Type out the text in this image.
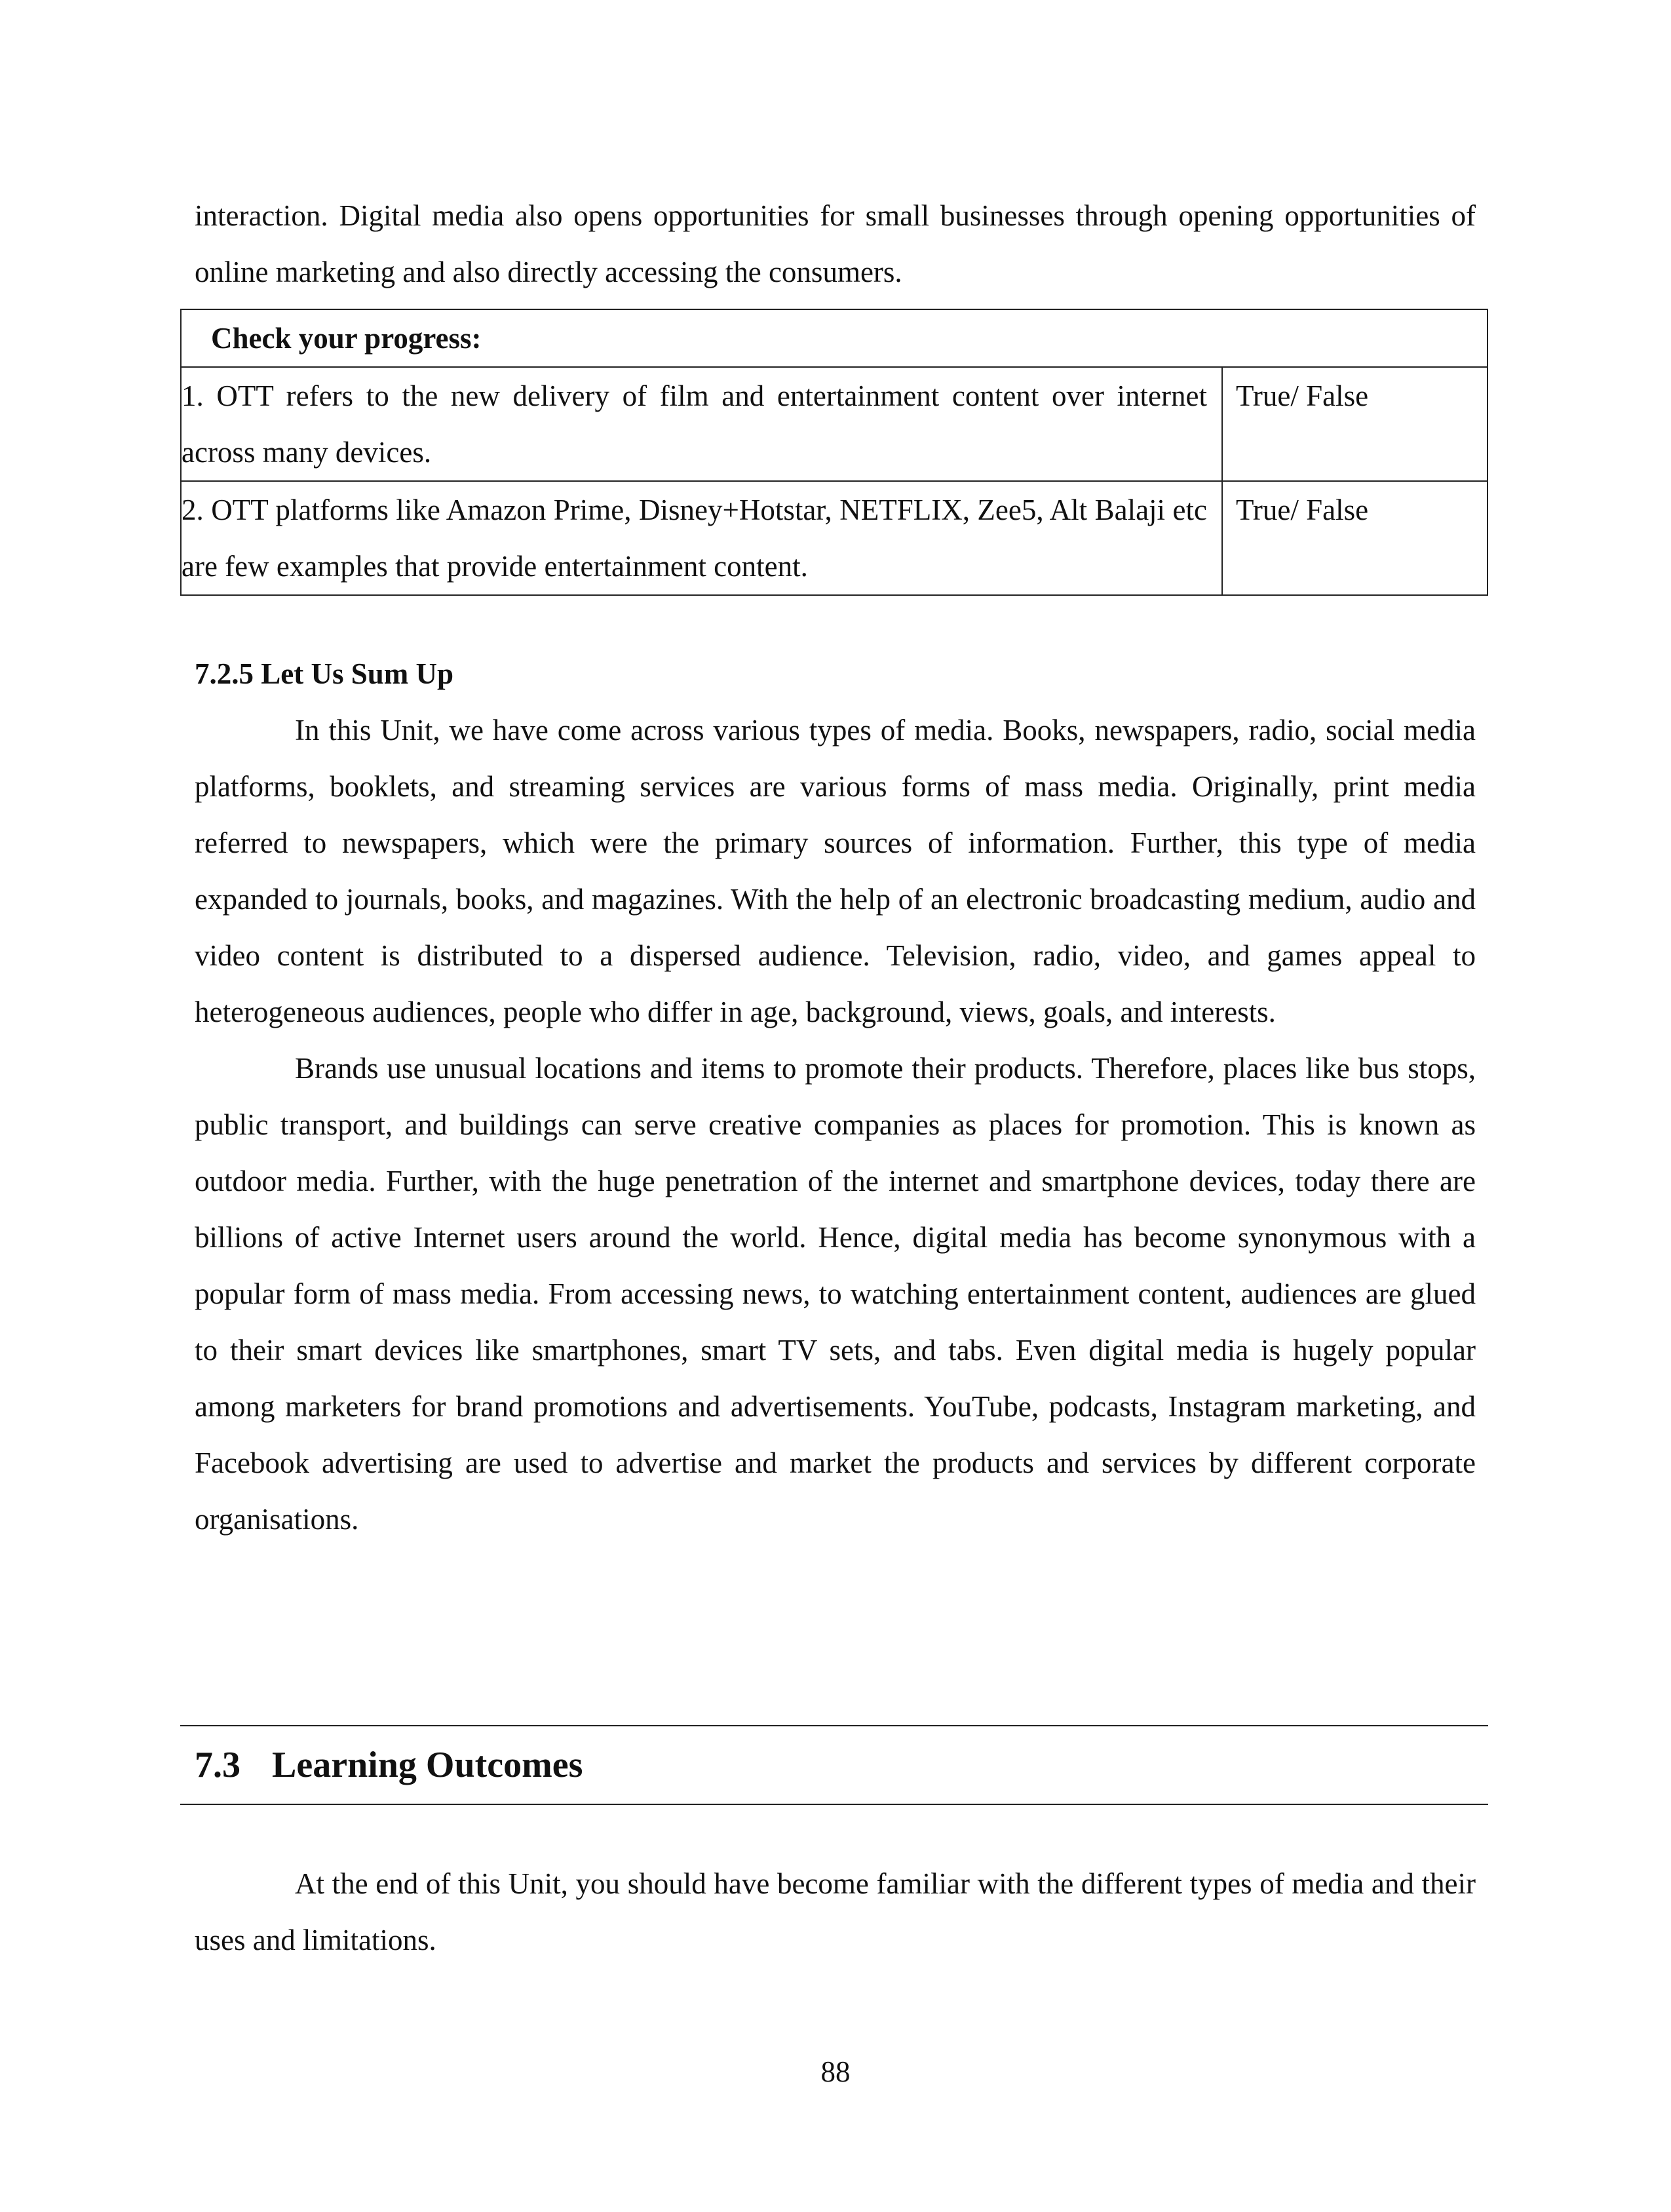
interaction. Digital media also opens opportunities for small businesses through opening opportunities of online marketing and also directly accessing the consumers.
Check your progress:	

1. OTT refers to the new delivery of film and entertainment content over internet across many devices.	True/ False

2. OTT platforms like Amazon Prime, Disney+Hotstar, NETFLIX, Zee5, Alt Balaji etc are few examples that provide entertainment content.	True/ False
7.2.5 Let Us Sum Up

In this Unit, we have come across various types of media. Books, newspapers, radio, social media platforms, booklets, and streaming services are various forms of mass media. Originally, print media referred to newspapers, which were the primary sources of information. Further, this type of media expanded to journals, books, and magazines. With the help of an electronic broadcasting medium, audio and video content is distributed to a dispersed audience. Television, radio, video, and games appeal to heterogeneous audiences, people who differ in age, background, views, goals, and interests.

Brands use unusual locations and items to promote their products. Therefore, places like bus stops, public transport, and buildings can serve creative companies as places for promotion. This is known as outdoor media. Further, with the huge penetration of the internet and smartphone devices, today there are billions of active Internet users around the world. Hence, digital media has become synonymous with a popular form of mass media. From accessing news, to watching entertainment content, audiences are glued to their smart devices like smartphones, smart TV sets, and tabs. Even digital media is hugely popular among marketers for brand promotions and advertisements. YouTube, podcasts, Instagram marketing, and Facebook advertising are used to advertise and market the products and services by different corporate organisations.

7.3 Learning Outcomes

At the end of this Unit, you should have become familiar with the different types of media and their uses and limitations.

88
